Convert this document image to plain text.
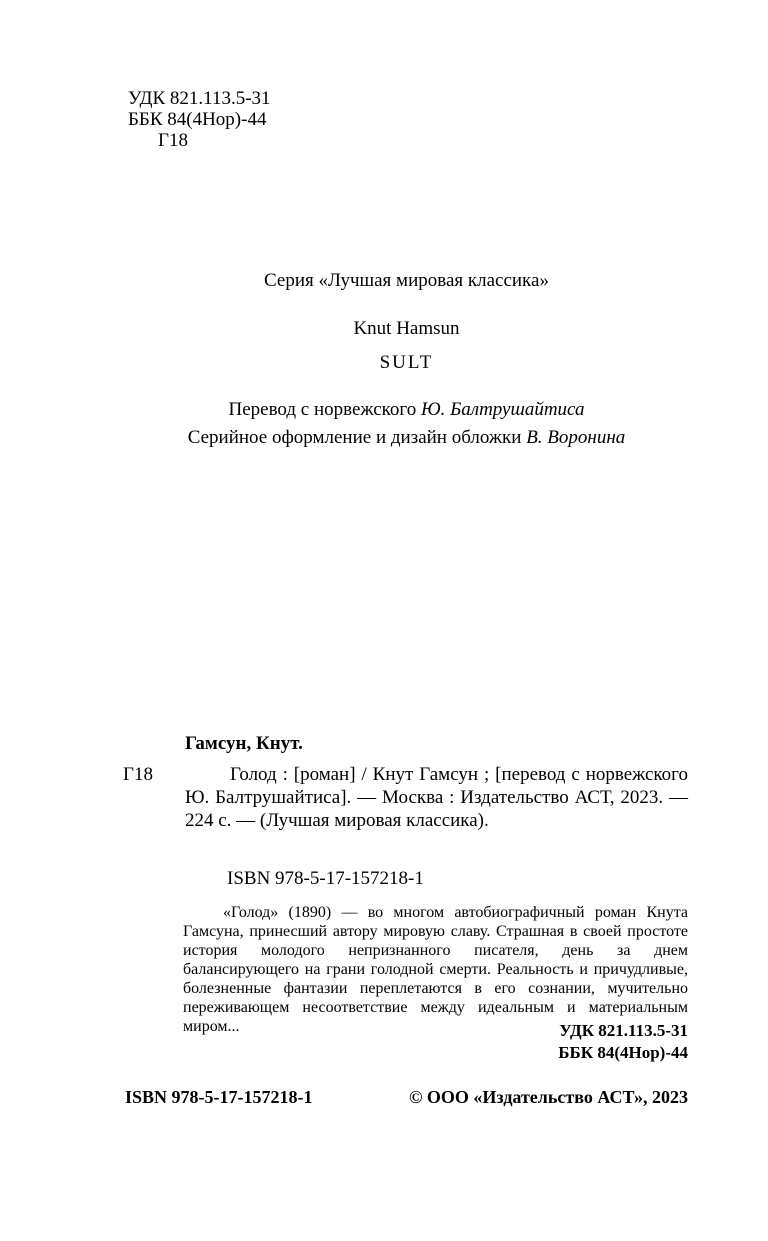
УДК 821.113.5-31
ББК 84(4Нор)-44
Г18
Серия «Лучшая мировая классика»
Knut Hamsun
SULT
Перевод с норвежского Ю. Балтрушайтиса
Серийное оформление и дизайн обложки В. Воронина
Гамсун, Кнут.
Г18	Голод : [роман] / Кнут Гамсун ; [перевод с норвежского Ю. Балтрушайтиса]. — Москва : Издательство АСТ, 2023. — 224 с. — (Лучшая мировая классика).
ISBN 978-5-17-157218-1
«Голод» (1890) — во многом автобиографичный роман Кнута Гамсуна, принесший автору мировую славу. Страшная в своей простоте история молодого непризнанного писателя, день за днем балансирующего на грани голодной смерти. Реальность и причудливые, болезненные фантазии переплетаются в его сознании, мучительно переживающем несоответствие между идеальным и материальным миром...	УДК 821.113.5-31
ББК 84(4Нор)-44
ISBN 978-5-17-157218-1	© ООО «Издательство АСТ», 2023
